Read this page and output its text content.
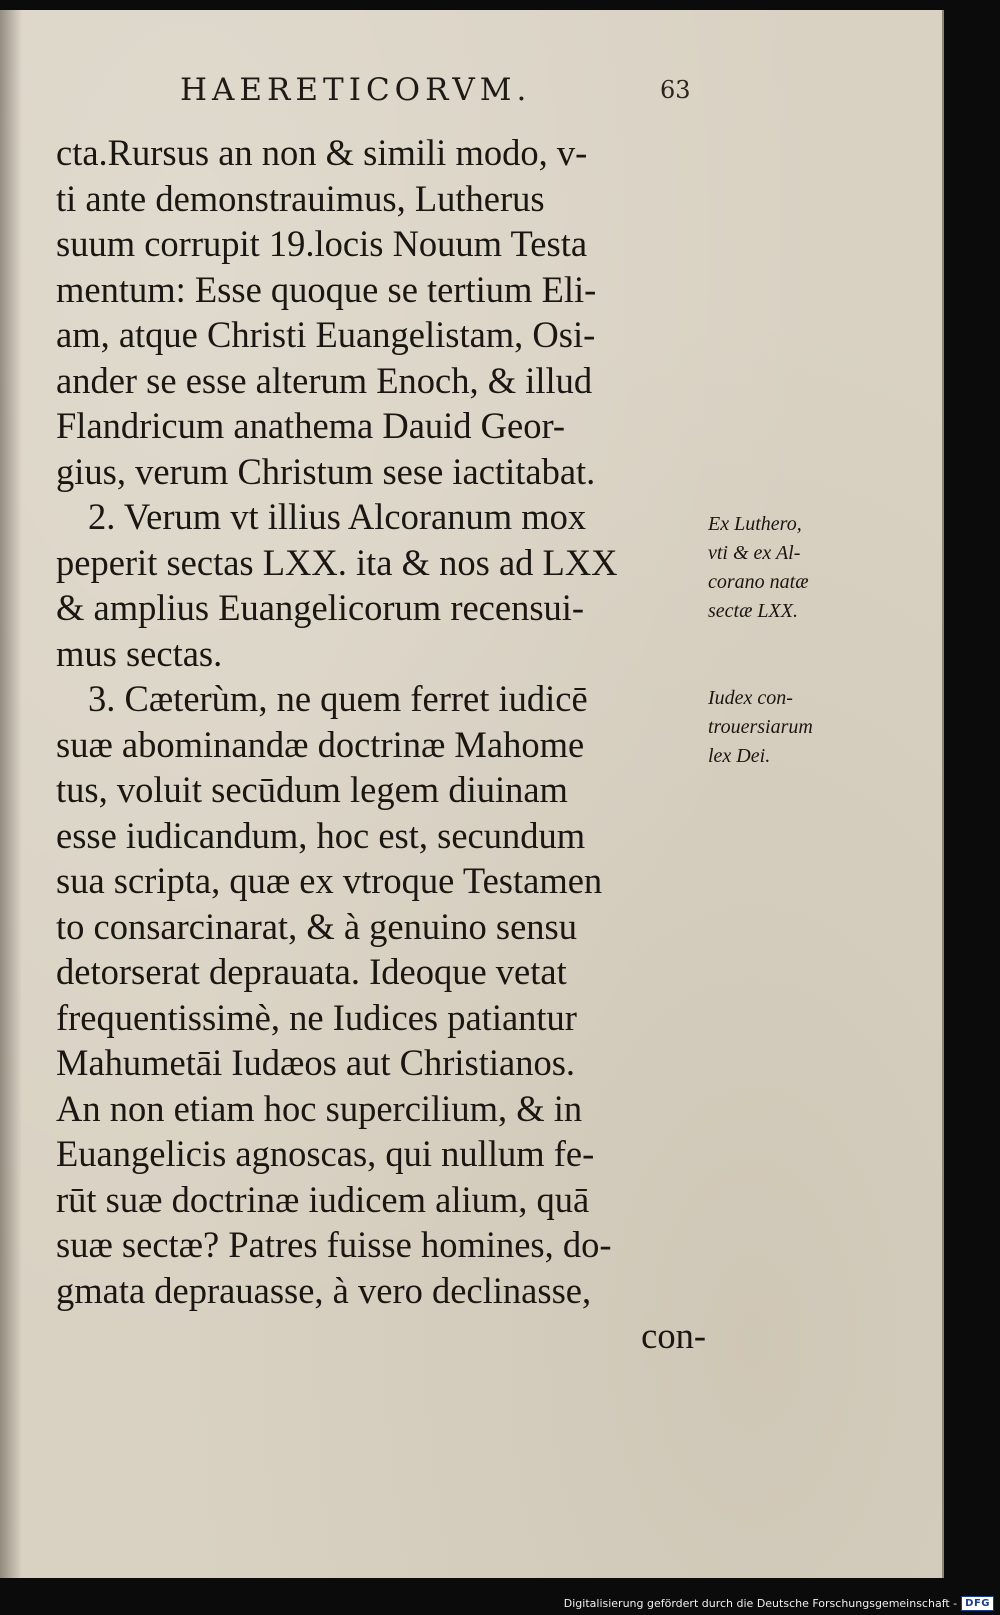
HAERETICORVM.	63
cta.Rursus an non & simili modo, v-
ti ante demonstrauimus, Lutherus
suum corrupit 19.locis Nouum Testa
mentum: Esse quoque se tertium Eli-
am, atque Christi Euangelistam, Osi-
ander se esse alterum Enoch, & illud
Flandricum anathema Dauid Geor-
gius, verum Christum sese iactitabat.
2. Verum vt illius Alcoranum mox
peperit sectas LXX. ita & nos ad LXX
& amplius Euangelicorum recensui-
mus sectas.
3. Cæterùm, ne quem ferret iudicē
suæ abominandæ doctrinæ Mahome
tus, voluit secūdum legem diuinam
esse iudicandum, hoc est, secundum
sua scripta, quæ ex vtroque Testamen
to consarcinarat, & à genuino sensu
detorserat deprauata. Ideoque vetat
frequentissimè, ne Iudices patiantur
Mahumetāi Iudæos aut Christianos.
An non etiam hoc supercilium, & in
Euangelicis agnoscas, qui nullum fe-
rūt suæ doctrinæ iudicem alium, quā
suæ sectæ? Patres fuisse homines, do-
gmata deprauasse, à vero declinasse,
con-
Ex Luthero,
vti & ex Al-
corano natæ
sectæ LXX.
Iudex con-
trouersiarum
lex Dei.
Digitalisierung gefördert durch die Deutsche Forschungsgemeinschaft - DFG
